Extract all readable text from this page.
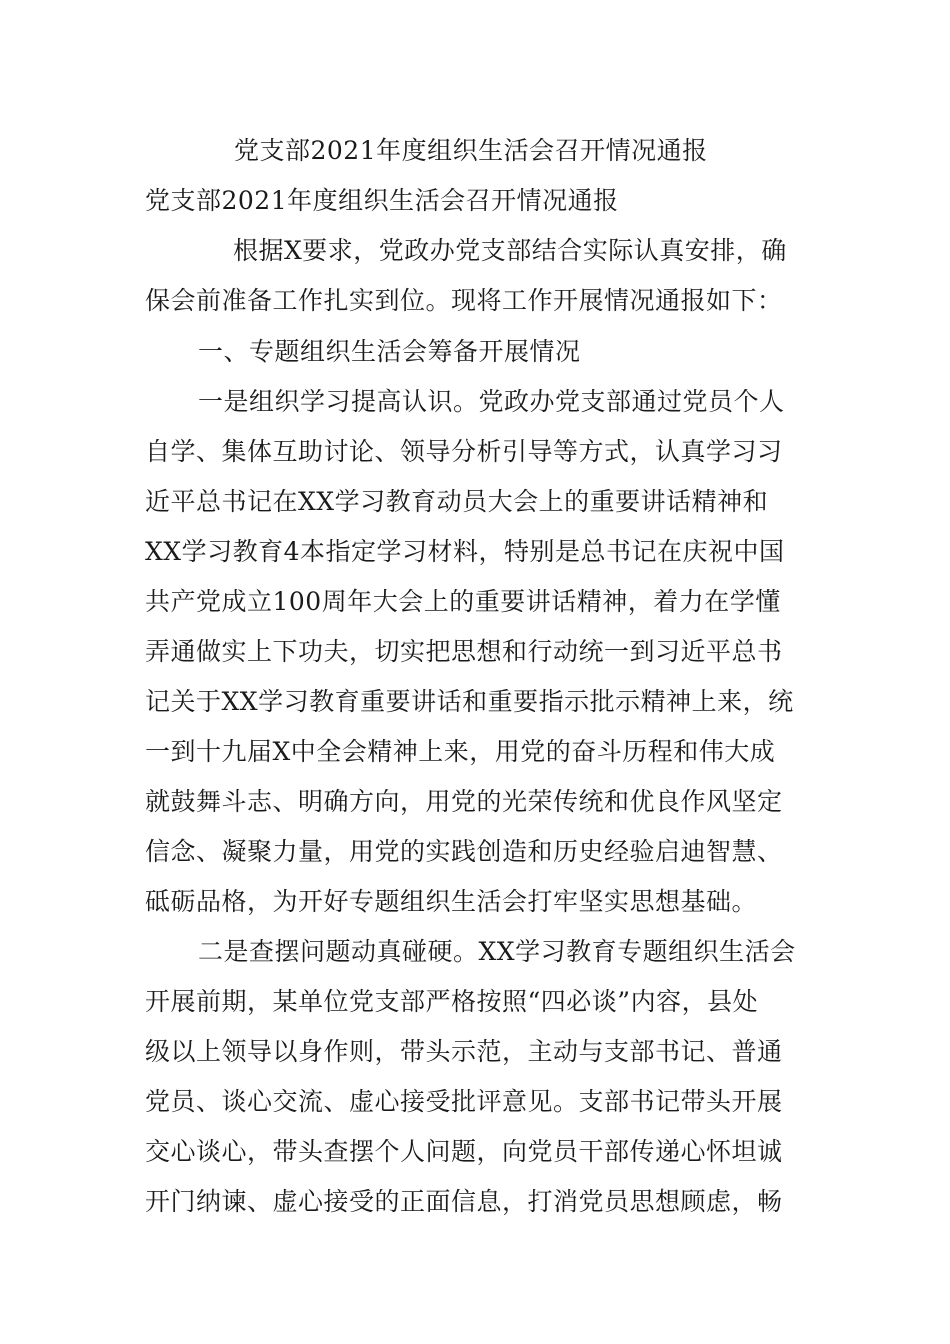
党支部2021年度组织生活会召开情况通报
党支部2021年度组织生活会召开情况通报
根据X要求，党政办党支部结合实际认真安排，确
保会前准备工作扎实到位。现将工作开展情况通报如下：
一、专题组织生活会筹备开展情况
一是组织学习提高认识。党政办党支部通过党员个人
自学、集体互助讨论、领导分析引导等方式，认真学习习
近平总书记在XX学习教育动员大会上的重要讲话精神和
XX学习教育4本指定学习材料，特别是总书记在庆祝中国
共产党成立100周年大会上的重要讲话精神，着力在学懂
弄通做实上下功夫，切实把思想和行动统一到习近平总书
记关于XX学习教育重要讲话和重要指示批示精神上来，统
一到十九届X中全会精神上来，用党的奋斗历程和伟大成
就鼓舞斗志、明确方向，用党的光荣传统和优良作风坚定
信念、凝聚力量，用党的实践创造和历史经验启迪智慧、
砥砺品格，为开好专题组织生活会打牢坚实思想基础。
二是查摆问题动真碰硬。XX学习教育专题组织生活会
开展前期，某单位党支部严格按照“四必谈”内容，县处
级以上领导以身作则，带头示范，主动与支部书记、普通
党员、谈心交流、虚心接受批评意见。支部书记带头开展
交心谈心，带头查摆个人问题，向党员干部传递心怀坦诚
开门纳谏、虚心接受的正面信息，打消党员思想顾虑，畅
